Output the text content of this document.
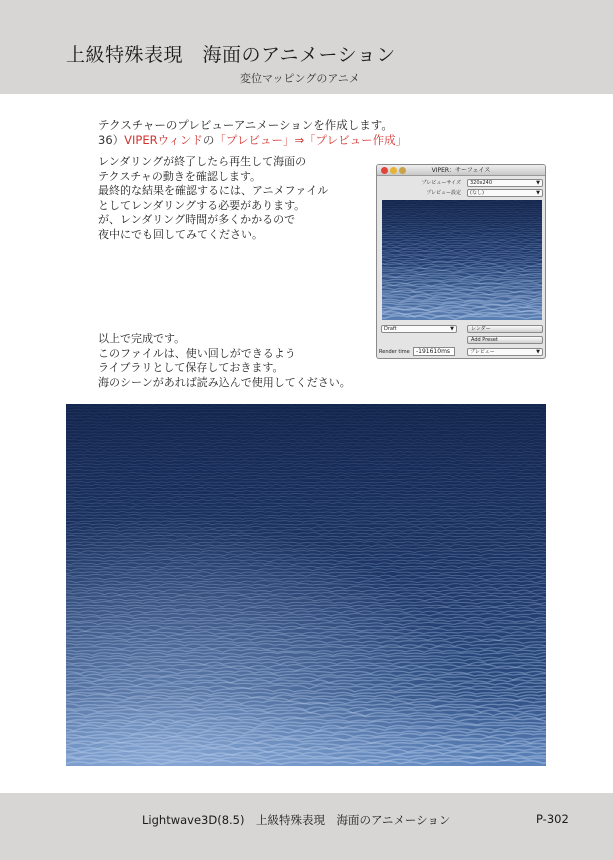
上級特殊表現　海面のアニメーション
変位マッピングのアニメ
テクスチャーのプレビューアニメーションを作成します。
36）VIPERウィンドの「プレビュー」⇒「プレビュー作成」
レンダリングが終了したら再生して海面の
テクスチャの動きを確認します。
最終的な結果を確認するには、アニメファイル
としてレンダリングする必要があります。
が、レンダリング時間が多くかかるので
夜中にでも回してみてください。
VIPER：サーフェイス
プレビューサイズ	320x240	▼
プレビュー設定	(なし)	▼
Draft	▼	レンダー
Add Preset
Render time	-191610ms	プレビュー	▼
以上で完成です。
このファイルは、使い回しができるよう
ライブラリとして保存しておきます。
海のシーンがあれば読み込んで使用してください。
Lightwave3D(8.5)　上級特殊表現　海面のアニメーション	P-302
